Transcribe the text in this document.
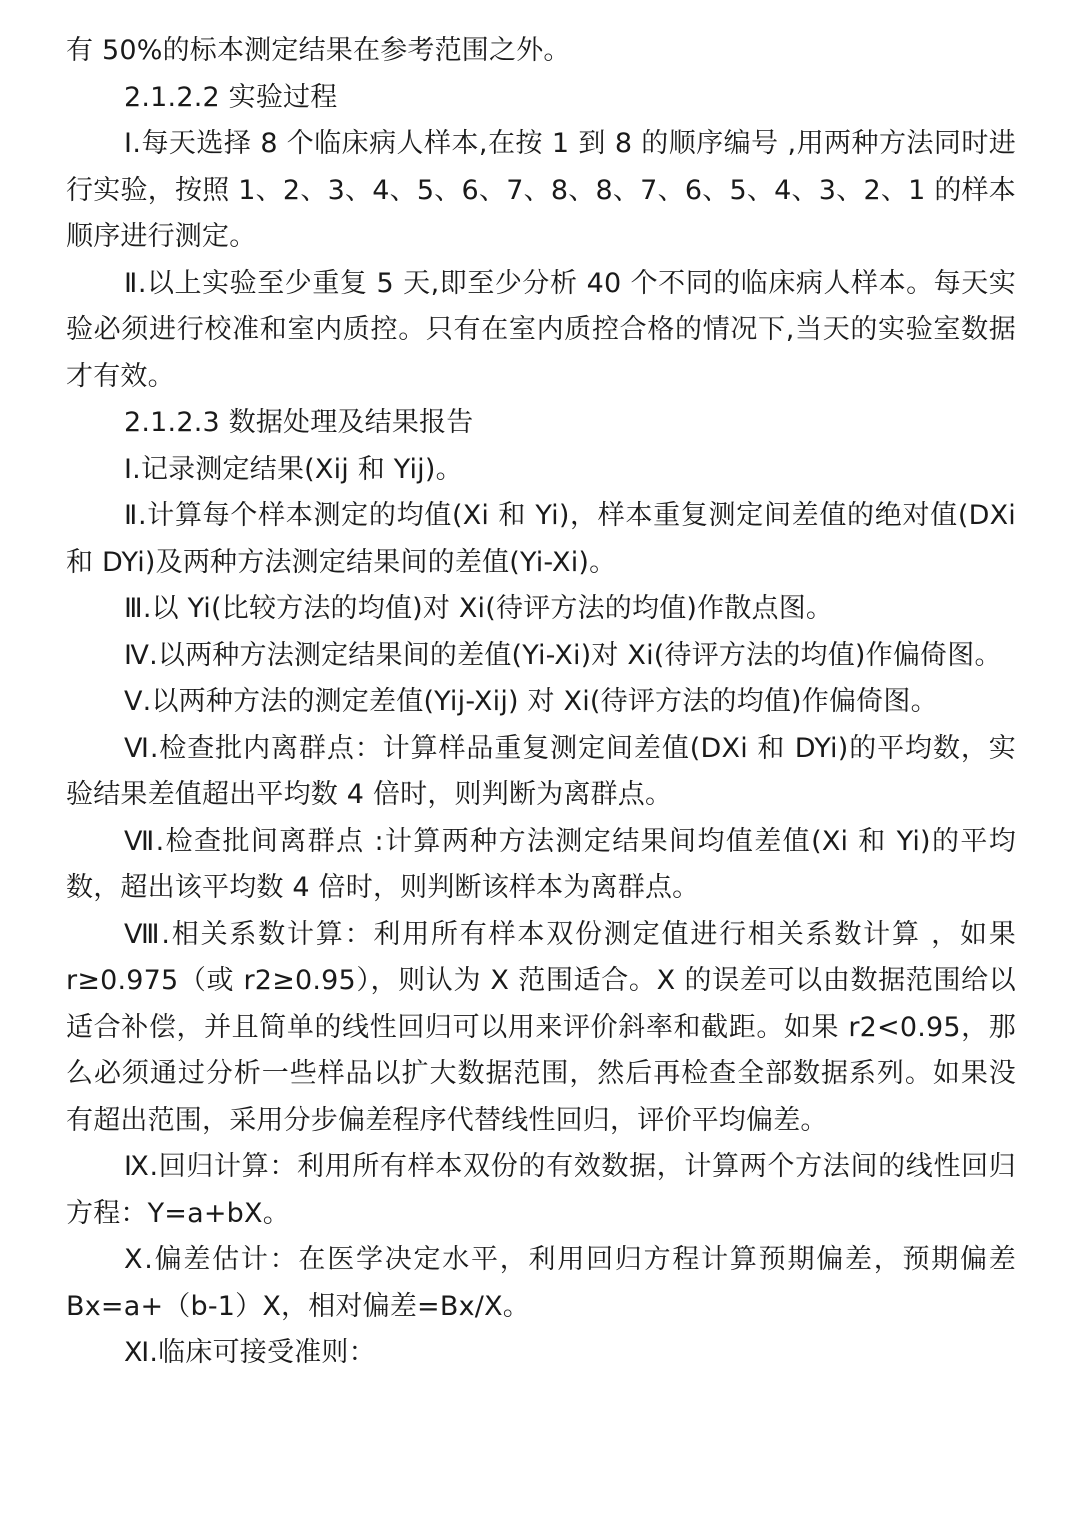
有 50%的标本测定结果在参考范围之外。

2.1.2.2 实验过程

Ⅰ.每天选择 8 个临床病人样本,在按 1 到 8 的顺序编号 ,用两种方法同时进行实验，按照 1、2、3、4、5、6、7、8、8、7、6、5、4、3、2、1 的样本顺序进行测定。

Ⅱ.以上实验至少重复 5 天,即至少分析 40 个不同的临床病人样本。每天实验必须进行校准和室内质控。只有在室内质控合格的情况下,当天的实验室数据才有效。

2.1.2.3 数据处理及结果报告

Ⅰ.记录测定结果(Xij 和 Yij)。

Ⅱ.计算每个样本测定的均值(Xi 和 Yi)，样本重复测定间差值的绝对值(DXi 和 DYi)及两种方法测定结果间的差值(Yi-Xi)。

Ⅲ.以 Yi(比较方法的均值)对 Xi(待评方法的均值)作散点图。

Ⅳ.以两种方法测定结果间的差值(Yi-Xi)对 Xi(待评方法的均值)作偏倚图。

Ⅴ.以两种方法的测定差值(Yij-Xij) 对 Xi(待评方法的均值)作偏倚图。

Ⅵ.检查批内离群点：计算样品重复测定间差值(DXi 和 DYi)的平均数，实验结果差值超出平均数 4 倍时，则判断为离群点。

Ⅶ.检查批间离群点 :计算两种方法测定结果间均值差值(Xi 和 Yi)的平均数，超出该平均数 4 倍时，则判断该样本为离群点。

Ⅷ.相关系数计算：利用所有样本双份测定值进行相关系数计算 ，如果 r≥0.975（或 r2≥0.95），则认为 X 范围适合。X 的误差可以由数据范围给以适合补偿，并且简单的线性回归可以用来评价斜率和截距。如果 r2<0.95，那么必须通过分析一些样品以扩大数据范围，然后再检查全部数据系列。如果没有超出范围，采用分步偏差程序代替线性回归，评价平均偏差。

Ⅸ.回归计算：利用所有样本双份的有效数据，计算两个方法间的线性回归方程：Y=a+bX。

Ⅹ.偏差估计：在医学决定水平，利用回归方程计算预期偏差，预期偏差 Bx=a+（b-1）X，相对偏差=Bx/X。

Ⅺ.临床可接受准则：
